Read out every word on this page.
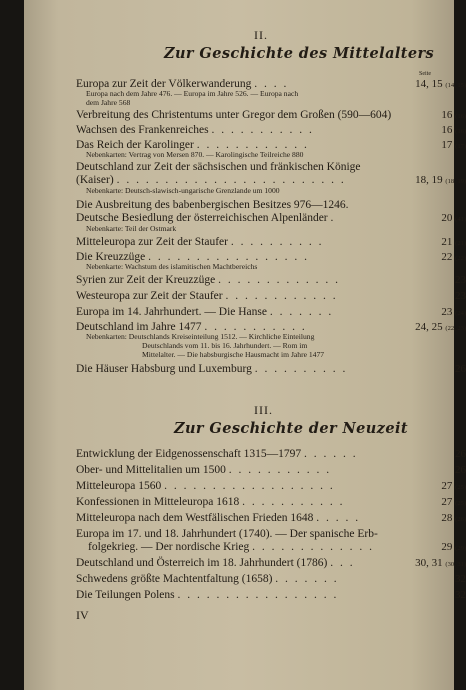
II.
Zur Geschichte des Mittelalters
Seite
Europa zur Zeit der Völkerwanderung . . . .	14, 15 (14, 15)
Europa nach dem Jahre 476. — Europa im Jahre 526. — Europa nach
dem Jahre 568
Verbreitung des Christentums unter Gregor dem Großen (590—604)	16 (16)
Wachsen des Frankenreiches . . . . . . . . . . .	16 (16)
Das Reich der Karolinger . . . . . . . . . . . .	17 (17)
Nebenkarten: Vertrag von Mersen 870. — Karolingische Teilreiche 880
Deutschland zur Zeit der sächsischen und fränkischen Könige
(Kaiser) . . . . . . . . . . . . . . . . . . . . . . . .	18, 19 (18, 19)
Nebenkarte: Deutsch-slawisch-ungarische Grenzlande um 1000
Die Ausbreitung des babenbergischen Besitzes 976—1246.
Deutsche Besiedlung der österreichischen Alpenländer .	20 (41)
Nebenkarte: Teil der Ostmark
Mitteleuropa zur Zeit der Staufer . . . . . . . . . .	21 (21)
Die Kreuzzüge . . . . . . . . . . . . . . . . .	22 (22)
Nebenkarte: Wachstum des islamitischen Machtbereichs
Syrien zur Zeit der Kreuzzüge . . . . . . . . . . . . .	23
Westeuropa zur Zeit der Staufer . . . . . . . . . . . .	23
Europa im 14. Jahrhundert. — Die Hanse . . . . . . .	23 (24)
Deutschland im Jahre 1477 . . . . . . . . . . .	24, 25 (22, 23)
Nebenkarten: Deutschlands Kreiseinteilung 1512. — Kirchliche Einteilung
Deutschlands vom 11. bis 16. Jahrhundert. — Rom im
Mittelalter. — Die habsburgische Hausmacht im Jahre 1477
Die Häuser Habsburg und Luxemburg . . . . . . . . . .	26
III.
Zur Geschichte der Neuzeit
Entwicklung der Eidgenossenschaft 1315—1797 . . . . . .	26
Ober- und Mittelitalien um 1500 . . . . . . . . . . .	26
Mitteleuropa 1560 . . . . . . . . . . . . . . . . . .	27 (25)
Konfessionen in Mitteleuropa 1618 . . . . . . . . . . .	27 (25)
Mitteleuropa nach dem Westfälischen Frieden 1648 . . . . .	28 (26)
Europa im 17. und 18. Jahrhundert (1740). — Der spanische Erb-
folgekrieg. — Der nordische Krieg . . . . . . . . . . . . .	29 (29)
Deutschland und Österreich im 18. Jahrhundert (1786) . . .	30, 31 (30, 31)
Schwedens größte Machtentfaltung (1658) . . . . . . .	32
Die Teilungen Polens . . . . . . . . . . . . . . . . .	32
IV
